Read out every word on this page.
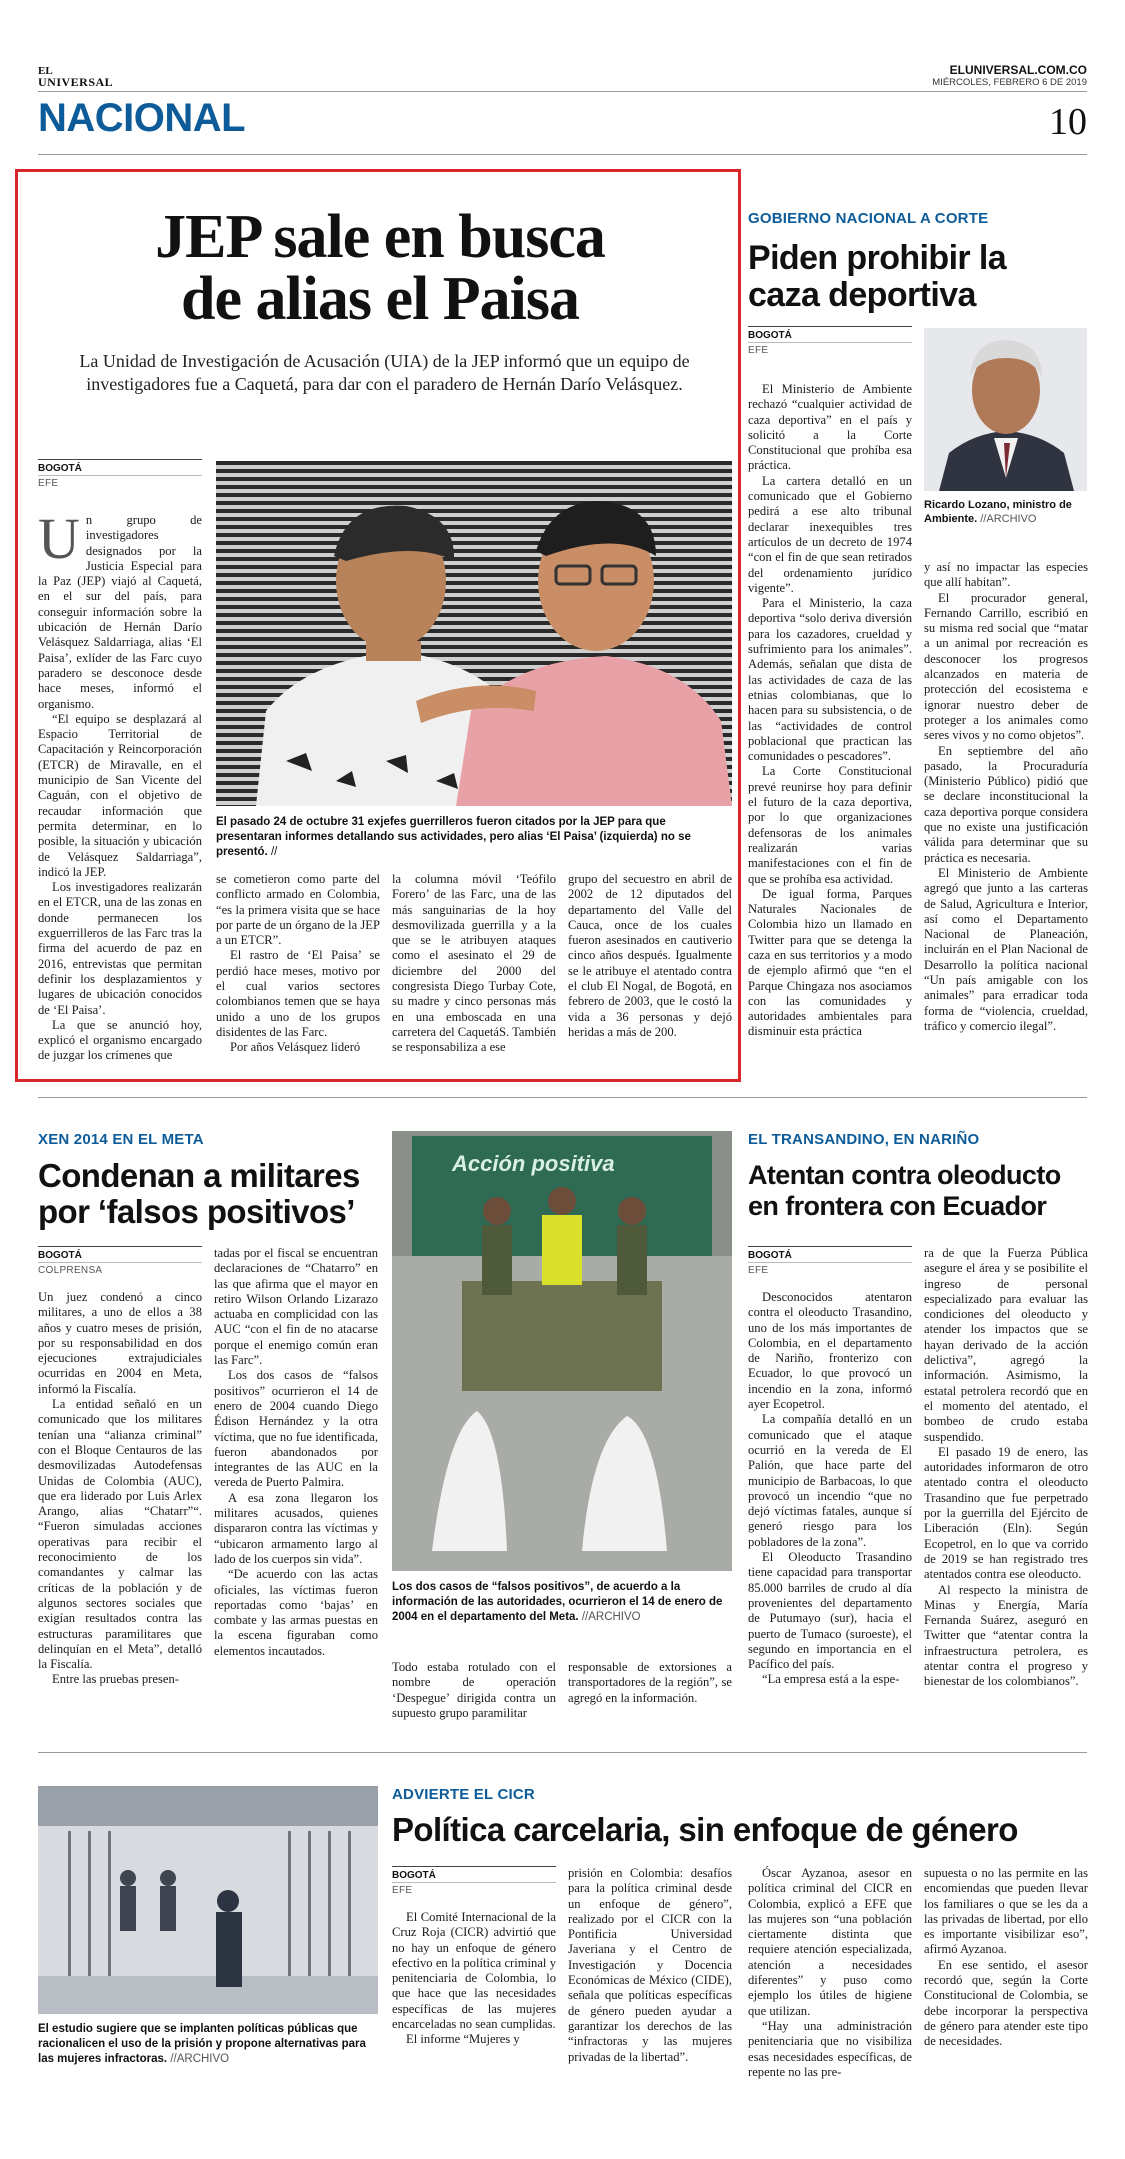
EL
UNIVERSAL
ELUNIVERSAL.COM.CO
MIÉRCOLES, FEBRERO 6 DE 2019
NACIONAL	10
JEP sale en busca
de alias el Paisa
La Unidad de Investigación de Acusación (UIA) de la JEP informó que un equipo de investigadores fue a Caquetá, para dar con el paradero de Hernán Darío Velásquez.
BOGOTÁ
EFE
El pasado 24 de octubre 31 exjefes guerrilleros fueron citados por la JEP para que presentaran informes detallando sus actividades, pero alias ‘El Paisa’ (izquierda) no se presentó. //
U n grupo de investigadores designados por la Justicia Especial para la Paz (JEP) viajó al Caquetá, en el sur del país, para conseguir información sobre la ubicación de Hernán Darío Velásquez Saldarriaga, alias ‘El Paisa’, exlíder de las Farc cuyo paradero se desconoce desde hace meses, informó el organismo.

“El equipo se desplazará al Espacio Territorial de Capacitación y Reincorporación (ETCR) de Miravalle, en el municipio de San Vicente del Caguán, con el objetivo de recaudar información que permita determinar, en lo posible, la situación y ubicación de Velásquez Saldarriaga”, indicó la JEP.

Los investigadores realizarán en el ETCR, una de las zonas en donde permanecen los exguerrilleros de las Farc tras la firma del acuerdo de paz en 2016, entrevistas que permitan definir los desplazamientos y lugares de ubicación conocidos de ‘El Paisa’.

La que se anunció hoy, explicó el organismo encargado de juzgar los crímenes que

se cometieron como parte del conflicto armado en Colombia, “es la primera visita que se hace por parte de un órgano de la JEP a un ETCR”.

El rastro de ‘El Paisa’ se perdió hace meses, motivo por el cual varios sectores colombianos temen que se haya unido a uno de los grupos disidentes de las Farc.

Por años Velásquez lideró

la columna móvil ‘Teófilo Forero’ de las Farc, una de las más sanguinarias de la hoy desmovilizada guerrilla y a la que se le atribuyen ataques como el asesinato el 29 de diciembre del 2000 del congresista Diego Turbay Cote, su madre y cinco personas más en una emboscada en una carretera del CaquetáS. También se responsabiliza a ese

grupo del secuestro en abril de 2002 de 12 diputados del departamento del Valle del Cauca, once de los cuales fueron asesinados en cautiverio cinco años después. Igualmente se le atribuye el atentado contra el club El Nogal, de Bogotá, en febrero de 2003, que le costó la vida a 36 personas y dejó heridas a más de 200.

GOBIERNO NACIONAL A CORTE
Piden prohibir la
caza deportiva
BOGOTÁ
EFE
Ricardo Lozano, ministro de Ambiente. //ARCHIVO

El Ministerio de Ambiente rechazó “cualquier actividad de caza deportiva” en el país y solicitó a la Corte Constitucional que prohíba esa práctica.

La cartera detalló en un comunicado que el Gobierno pedirá a ese alto tribunal declarar inexequibles tres artículos de un decreto de 1974 “con el fin de que sean retirados del ordenamiento jurídico vigente”.

Para el Ministerio, la caza deportiva “solo deriva diversión para los cazadores, crueldad y sufrimiento para los animales”. Además, señalan que dista de las actividades de caza de las etnias colombianas, que lo hacen para su subsistencia, o de las “actividades de control poblacional que practican las comunidades o pescadores”.

La Corte Constitucional prevé reunirse hoy para definir el futuro de la caza deportiva, por lo que organizaciones defensoras de los animales realizarán varias manifestaciones con el fin de que se prohíba esa actividad.

De igual forma, Parques Naturales Nacionales de Colombia hizo un llamado en Twitter para que se detenga la caza en sus territorios y a modo de ejemplo afirmó que “en el Parque Chingaza nos asociamos con las comunidades y autoridades ambientales para disminuir esta práctica

y así no impactar las especies que allí habitan”.

El procurador general, Fernando Carrillo, escribió en su misma red social que “matar a un animal por recreación es desconocer los progresos alcanzados en materia de protección del ecosistema e ignorar nuestro deber de proteger a los animales como seres vivos y no como objetos”.

En septiembre del año pasado, la Procuraduría (Ministerio Público) pidió que se declare inconstitucional la caza deportiva porque considera que no existe una justificación válida para determinar que su práctica es necesaria.

El Ministerio de Ambiente agregó que junto a las carteras de Salud, Agricultura e Interior, así como el Departamento Nacional de Planeación, incluirán en el Plan Nacional de Desarrollo la política nacional “Un país amigable con los animales” para erradicar toda forma de “violencia, crueldad, tráfico y comercio ilegal”.

XEN 2014 EN EL META
Condenan a militares
por ‘falsos positivos’
BOGOTÁ
COLPRENSA

Un juez condenó a cinco militares, a uno de ellos a 38 años y cuatro meses de prisión, por su responsabilidad en dos ejecuciones extrajudiciales ocurridas en 2004 en Meta, informó la Fiscalía.

La entidad señaló en un comunicado que los militares tenían una “alianza criminal” con el Bloque Centauros de las desmovilizadas Autodefensas Unidas de Colombia (AUC), que era liderado por Luis Arlex Arango, alias “Chatarr”“. “Fueron simuladas acciones operativas para recibir el reconocimiento de los comandantes y calmar las críticas de la población y de algunos sectores sociales que exigían resultados contra las estructuras paramilitares que delinquían en el Meta”, detalló la Fiscalía.

Entre las pruebas presen-

tadas por el fiscal se encuentran declaraciones de “Chatarro” en las que afirma que el mayor en retiro Wilson Orlando Lizarazo actuaba en complicidad con las AUC “con el fin de no atacarse porque el enemigo común eran las Farc”.

Los dos casos de “falsos positivos” ocurrieron el 14 de enero de 2004 cuando Diego Édison Hernández y la otra víctima, que no fue identificada, fueron abandonados por integrantes de las AUC en la vereda de Puerto Palmira.

A esa zona llegaron los militares acusados, quienes dispararon contra las víctimas y “ubicaron armamento largo al lado de los cuerpos sin vida”.

“De acuerdo con las actas oficiales, las víctimas fueron reportadas como ‘bajas’ en combate y las armas puestas en la escena figuraban como elementos incautados.

Acción positiva
Los dos casos de “falsos positivos”, de acuerdo a la información de las autoridades, ocurrieron el 14 de enero de 2004 en el departamento del Meta. //ARCHIVO

Todo estaba rotulado con el nombre de operación ‘Despegue’ dirigida contra un supuesto grupo paramilitar

responsable de extorsiones a transportadores de la región”, se agregó en la información.

EL TRANSANDINO, EN NARIÑO
Atentan contra oleoducto
en frontera con Ecuador
BOGOTÁ
EFE

Desconocidos atentaron contra el oleoducto Trasandino, uno de los más importantes de Colombia, en el departamento de Nariño, fronterizo con Ecuador, lo que provocó un incendio en la zona, informó ayer Ecopetrol.

La compañía detalló en un comunicado que el ataque ocurrió en la vereda de El Palión, que hace parte del municipio de Barbacoas, lo que provocó un incendio “que no dejó víctimas fatales, aunque sí generó riesgo para los pobladores de la zona”.

El Oleoducto Trasandino tiene capacidad para transportar 85.000 barriles de crudo al día provenientes del departamento de Putumayo (sur), hacia el puerto de Tumaco (suroeste), el segundo en importancia en el Pacífico del país.

“La empresa está a la espe-

ra de que la Fuerza Pública asegure el área y se posibilite el ingreso de personal especializado para evaluar las condiciones del oleoducto y atender los impactos que se hayan derivado de la acción delictiva”, agregó la información. Asimismo, la estatal petrolera recordó que en el momento del atentado, el bombeo de crudo estaba suspendido.

El pasado 19 de enero, las autoridades informaron de otro atentado contra el oleoducto Trasandino que fue perpetrado por la guerrilla del Ejército de Liberación (Eln). Según Ecopetrol, en lo que va corrido de 2019 se han registrado tres atentados contra ese oleoducto.

Al respecto la ministra de Minas y Energía, María Fernanda Suárez, aseguró en Twitter que “atentar contra la infraestructura petrolera, es atentar contra el progreso y bienestar de los colombianos”.

El estudio sugiere que se implanten políticas públicas que racionalicen el uso de la prisión y propone alternativas para las mujeres infractoras. //ARCHIVO
ADVIERTE EL CICR
Política carcelaria, sin enfoque de género
BOGOTÁ
EFE

El Comité Internacional de la Cruz Roja (CICR) advirtió que no hay un enfoque de género efectivo en la política criminal y penitenciaria de Colombia, lo que hace que las necesidades específicas de las mujeres encarceladas no sean cumplidas.

El informe “Mujeres y

prisión en Colombia: desafíos para la política criminal desde un enfoque de género”, realizado por el CICR con la Pontificia Universidad Javeriana y el Centro de Investigación y Docencia Económicas de México (CIDE), señala que políticas específicas de género pueden ayudar a garantizar los derechos de las “infractoras y las mujeres privadas de la libertad”.

Óscar Ayzanoa, asesor en política criminal del CICR en Colombia, explicó a EFE que las mujeres son “una población ciertamente distinta que requiere atención especializada, atención a necesidades diferentes” y puso como ejemplo los útiles de higiene que utilizan.

“Hay una administración penitenciaria que no visibiliza esas necesidades específicas, de repente no las pre-

supuesta o no las permite en las encomiendas que pueden llevar los familiares o que se les da a las privadas de libertad, por ello es importante visibilizar eso”, afirmó Ayzanoa.

En ese sentido, el asesor recordó que, según la Corte Constitucional de Colombia, se debe incorporar la perspectiva de género para atender este tipo de necesidades.
